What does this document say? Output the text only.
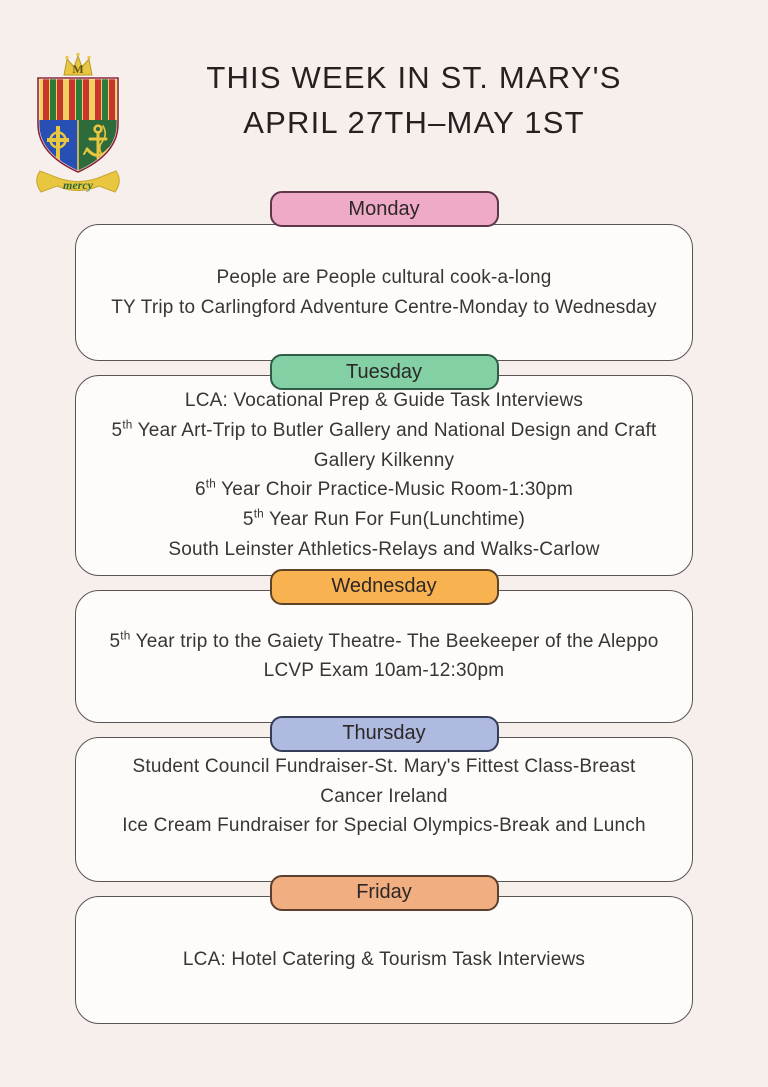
M
mercy
THIS WEEK IN ST. MARY'S
APRIL 27TH–MAY 1ST
Monday

People are People cultural cook-a-long

TY Trip to Carlingford Adventure Centre-Monday to Wednesday

Tuesday

LCA: Vocational Prep & Guide Task Interviews

5th Year Art-Trip to Butler Gallery and National Design and Craft Gallery Kilkenny

6th Year Choir Practice-Music Room-1:30pm

5th Year Run For Fun(Lunchtime)

South Leinster Athletics-Relays and Walks-Carlow

Wednesday

5th Year trip to the Gaiety Theatre- The Beekeeper of the Aleppo

LCVP Exam 10am-12:30pm

Thursday

Student Council Fundraiser-St. Mary's Fittest Class-Breast Cancer Ireland

Ice Cream Fundraiser for Special Olympics-Break and Lunch

Friday

LCA: Hotel Catering & Tourism Task Interviews
